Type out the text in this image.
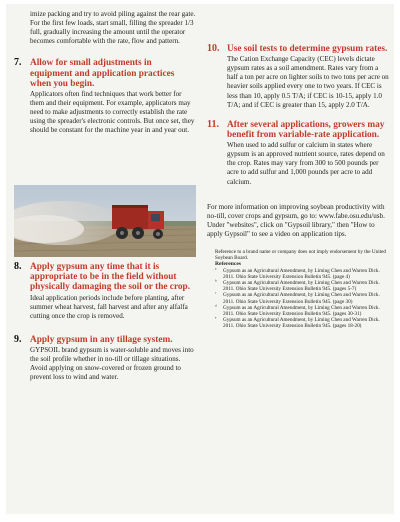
imize packing and try to avoid piling against the rear gate. For the first few loads, start small, filling the spreader 1/3 full, gradually increasing the amount until the operator becomes comfortable with the rate, flow and pattern.

7. Allow for small adjustments in equipment and application practices when you begin.

Applicators often find techniques that work better for them and their equipment. For example, applicators may need to make adjustments to correctly establish the rate using the spreader's electronic controls. But once set, they should be constant for the machine year in and year out.

8. Apply gypsum any time that it is appropriate to be in the field without physically damaging the soil or the crop.

Ideal application periods include before planting, after summer wheat harvest, fall harvest and after any alfalfa cutting once the crop is removed.

9. Apply gypsum in any tillage system.

GYPSOIL brand gypsum is water-soluble and moves into the soil profile whether in no-till or tillage situations. Avoid applying on snow-covered or frozen ground to prevent loss to wind and water.

10. Use soil tests to determine gypsum rates.

The Cation Exchange Capacity (CEC) levels dictate gypsum rates as a soil amendment. Rates vary from a half a ton per acre on lighter soils to two tons per acre on heavier soils applied every one to two years. If CEC is less than 10, apply 0.5 T/A; if CEC is 10-15, apply 1.0 T/A; and if CEC is greater than 15, apply 2.0 T/A.

11. After several applications, growers may benefit from variable-rate application.

When used to add sulfur or calcium in states where gypsum is an approved nutrient source, rates depend on the crop. Rates may vary from 300 to 500 pounds per acre to add sulfur and 1,000 pounds per acre to add calcium.

For more information on improving soybean productivity with no-till, cover crops and gypsum, go to: www.fabe.osu.edu/usb. Under "websites", click on "Gypsoil library," then "How to apply Gypsoil" to see a video on application tips.

Reference to a brand name or company does not imply endorsement by the United Soybean Board.

References

ᵃ	Gypsum as an Agricultural Amendment, by Liming Chen and Warren Dick. 2011. Ohio State University Extension Bulletin 945. (page 4)

ᵇ	Gypsum as an Agricultural Amendment, by Liming Chen and Warren Dick. 2011. Ohio State University Extension Bulletin 945. (pages 5-7)

ᶜ	Gypsum as an Agricultural Amendment, by Liming Chen and Warren Dick. 2011. Ohio State University Extension Bulletin 945. (page 30)

ᵈ	Gypsum as an Agricultural Amendment, by Liming Chen and Warren Dick. 2011. Ohio State University Extension Bulletin 945. (pages 30-31)

ᵉ	Gypsum as an Agricultural Amendment, by Liming Chen and Warren Dick. 2011. Ohio State University Extension Bulletin 945. (pages 18-20)
